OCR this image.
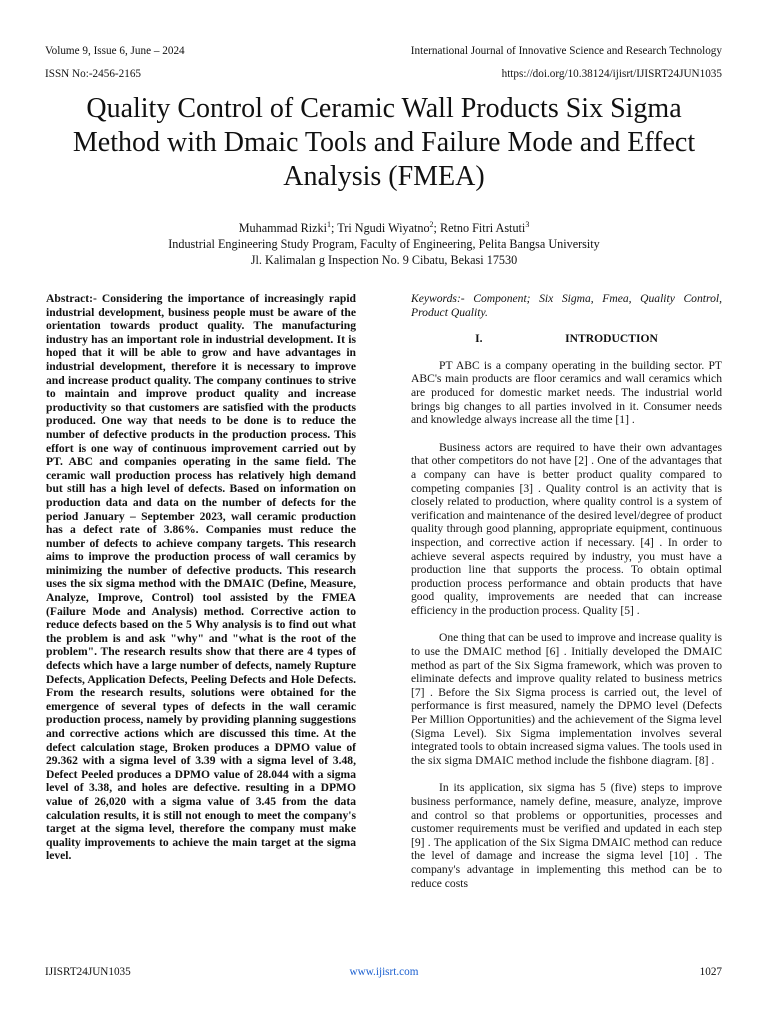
Volume 9, Issue 6, June – 2024	International Journal of Innovative Science and Research Technology
ISSN No:-2456-2165	https://doi.org/10.38124/ijisrt/IJISRT24JUN1035
Quality Control of Ceramic Wall Products Six Sigma Method with Dmaic Tools and Failure Mode and Effect Analysis (FMEA)
Muhammad Rizki$^1$; Tri Ngudi Wiyatno$^2$; Retno Fitri Astuti$^3$
Industrial Engineering Study Program, Faculty of Engineering, Pelita Bangsa University
Jl. Kalimalan g Inspection No. 9 Cibatu, Bekasi 17530

Abstract:- Considering the importance of increasingly rapid industrial development, business people must be aware of the orientation towards product quality. The manufacturing industry has an important role in industrial development. It is hoped that it will be able to grow and have advantages in industrial development, therefore it is necessary to improve and increase product quality. The company continues to strive to maintain and improve product quality and increase productivity so that customers are satisfied with the products produced. One way that needs to be done is to reduce the number of defective products in the production process. This effort is one way of continuous improvement carried out by PT. ABC and companies operating in the same field. The ceramic wall production process has relatively high demand but still has a high level of defects. Based on information on production data and data on the number of defects for the period January – September 2023, wall ceramic production has a defect rate of 3.86%. Companies must reduce the number of defects to achieve company targets. This research aims to improve the production process of wall ceramics by minimizing the number of defective products. This research uses the six sigma method with the DMAIC (Define, Measure, Analyze, Improve, Control) tool assisted by the FMEA (Failure Mode and Analysis) method. Corrective action to reduce defects based on the 5 Why analysis is to find out what the problem is and ask "why" and "what is the root of the problem". The research results show that there are 4 types of defects which have a large number of defects, namely Rupture Defects, Application Defects, Peeling Defects and Hole Defects. From the research results, solutions were obtained for the emergence of several types of defects in the wall ceramic production process, namely by providing planning suggestions and corrective actions which are discussed this time. At the defect calculation stage, Broken produces a DPMO value of 29.362 with a sigma level of 3.39 with a sigma level of 3.48, Defect Peeled produces a DPMO value of 28.044 with a sigma level of 3.38, and holes are defective. resulting in a DPMO value of 26,020 with a sigma value of 3.45 from the data calculation results, it is still not enough to meet the company's target at the sigma level, therefore the company must make quality improvements to achieve the main target at the sigma level.

Keywords:- Component; Six Sigma, Fmea, Quality Control, Product Quality.

I.	INTRODUCTION

PT ABC is a company operating in the building sector. PT ABC's main products are floor ceramics and wall ceramics which are produced for domestic market needs. The industrial world brings big changes to all parties involved in it. Consumer needs and knowledge always increase all the time [1] .

Business actors are required to have their own advantages that other competitors do not have [2] . One of the advantages that a company can have is better product quality compared to competing companies [3] . Quality control is an activity that is closely related to production, where quality control is a system of verification and maintenance of the desired level/degree of product quality through good planning, appropriate equipment, continuous inspection, and corrective action if necessary. [4] . In order to achieve several aspects required by industry, you must have a production line that supports the process. To obtain optimal production process performance and obtain products that have good quality, improvements are needed that can increase efficiency in the production process. Quality [5] .

One thing that can be used to improve and increase quality is to use the DMAIC method [6] . Initially developed the DMAIC method as part of the Six Sigma framework, which was proven to eliminate defects and improve quality related to business metrics [7] . Before the Six Sigma process is carried out, the level of performance is first measured, namely the DPMO level (Defects Per Million Opportunities) and the achievement of the Sigma level (Sigma Level). Six Sigma implementation involves several integrated tools to obtain increased sigma values. The tools used in the six sigma DMAIC method include the fishbone diagram. [8] .

In its application, six sigma has 5 (five) steps to improve business performance, namely define, measure, analyze, improve and control so that problems or opportunities, processes and customer requirements must be verified and updated in each step [9] . The application of the Six Sigma DMAIC method can reduce the level of damage and increase the sigma level [10] . The company's advantage in implementing this method can be to reduce costs

IJISRT24JUN1035	www.ijisrt.com	1027
